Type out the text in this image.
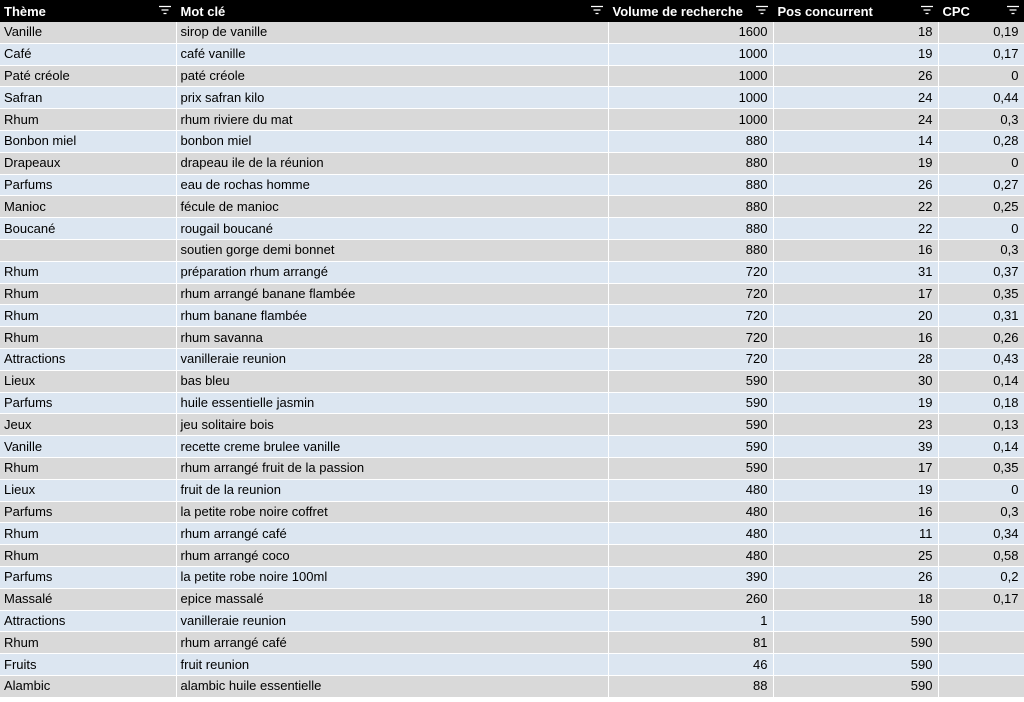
Thème	Mot clé	Volume de recherche	Pos concurrent	CPC

Vanille	sirop de vanille	1600	18	0,19
Café	café vanille	1000	19	0,17
Paté créole	paté créole	1000	26	0
Safran	prix safran kilo	1000	24	0,44
Rhum	rhum riviere du mat	1000	24	0,3
Bonbon miel	bonbon miel	880	14	0,28
Drapeaux	drapeau ile de la réunion	880	19	0
Parfums	eau de rochas homme	880	26	0,27
Manioc	fécule de manioc	880	22	0,25
Boucané	rougail boucané	880	22	0
	soutien gorge demi bonnet	880	16	0,3
Rhum	préparation rhum arrangé	720	31	0,37
Rhum	rhum arrangé banane flambée	720	17	0,35
Rhum	rhum banane flambée	720	20	0,31
Rhum	rhum savanna	720	16	0,26
Attractions	vanilleraie reunion	720	28	0,43
Lieux	bas bleu	590	30	0,14
Parfums	huile essentielle jasmin	590	19	0,18
Jeux	jeu solitaire bois	590	23	0,13
Vanille	recette creme brulee vanille	590	39	0,14
Rhum	rhum arrangé fruit de la passion	590	17	0,35
Lieux	fruit de la reunion	480	19	0
Parfums	la petite robe noire coffret	480	16	0,3
Rhum	rhum arrangé café	480	11	0,34
Rhum	rhum arrangé coco	480	25	0,58
Parfums	la petite robe noire 100ml	390	26	0,2
Massalé	epice massalé	260	18	0,17
Attractions	vanilleraie reunion	1	590	
Rhum	rhum arrangé café	81	590	
Fruits	fruit reunion	46	590	
Alambic	alambic huile essentielle	88	590	
